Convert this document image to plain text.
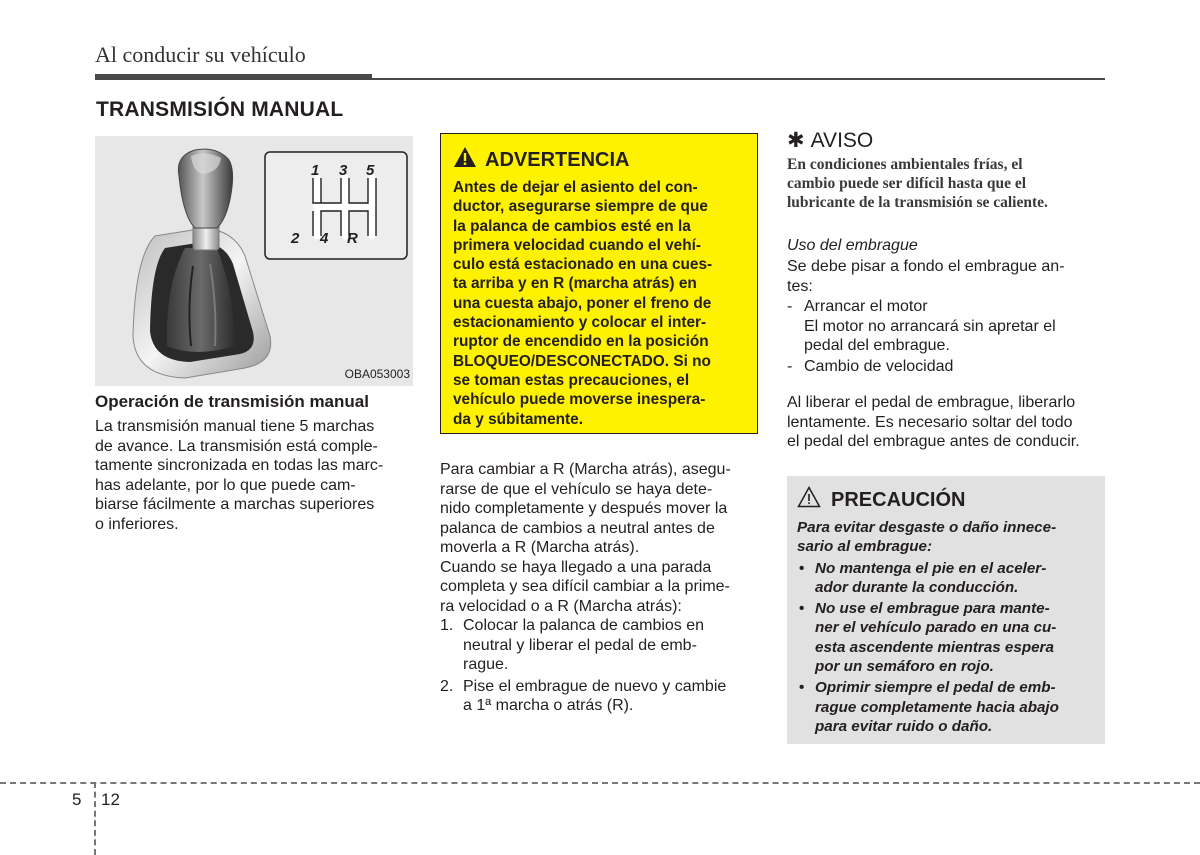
Al conducir su vehículo
TRANSMISIÓN MANUAL
1 3 5
2 4 R
OBA053003
Operación de transmisión manual

La transmisión manual tiene 5 marchas
de avance. La transmisión está comple-
tamente sincronizada en todas las marc-
has adelante, por lo que puede cam-
biarse fácilmente a marchas superiores
o inferiores.

ADVERTENCIA
Antes de dejar el asiento del con-
ductor, asegurarse siempre de que
la palanca de cambios esté en la
primera velocidad cuando el vehí-
culo está estacionado en una cues-
ta arriba y en R (marcha atrás) en
una cuesta abajo, poner el freno de
estacionamiento y colocar el inter-
ruptor de encendido en la posición
BLOQUEO/DESCONECTADO. Si no
se toman estas precauciones, el
vehículo puede moverse inespera-
da y súbitamente.

Para cambiar a R (Marcha atrás), asegu-
rarse de que el vehículo se haya dete-
nido completamente y después mover la
palanca de cambios a neutral antes de
moverla a R (Marcha atrás).

Cuando se haya llegado a una parada
completa y sea difícil cambiar a la prime-
ra velocidad o a R (Marcha atrás):

1. Colocar la palanca de cambios en
neutral y liberar el pedal de emb-
rague.
2. Pise el embrague de nuevo y cambie
a 1ª marcha o atrás (R).
✱ AVISO

En condiciones ambientales frías, el
cambio puede ser difícil hasta que el
lubricante de la transmisión se caliente.

Uso del embrague

Se debe pisar a fondo el embrague an-
tes:

- Arrancar el motor
El motor no arrancará sin apretar el
pedal del embrague.
- Cambio de velocidad

Al liberar el pedal de embrague, liberarlo
lentamente. Es necesario soltar del todo
el pedal del embrague antes de conducir.

PRECAUCIÓN

Para evitar desgaste o daño innece-
sario al embrague:

• No mantenga el pie en el aceler-
ador durante la conducción.
• No use el embrague para mante-
ner el vehículo parado en una cu-
esta ascendente mientras espera
por un semáforo en rojo.
• Oprimir siempre el pedal de emb-
rague completamente hacia abajo
para evitar ruido o daño.
5 12
